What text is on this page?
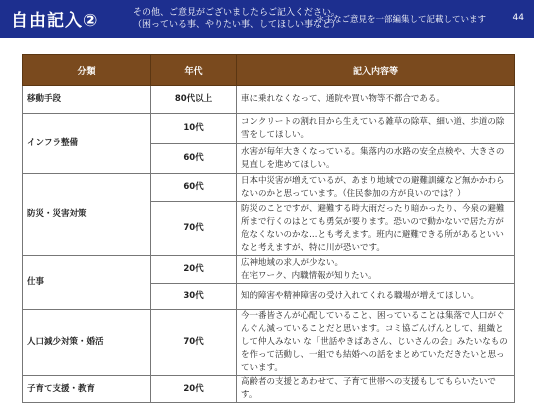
自由記入②	その他、ご意見がございましたらご記入ください。
（困っている事、やりたい事、してほしい事など）
＊主なご意見を一部編集して記載しています	44
分類	年代	記入内容等
移動手段	80代以上	車に乗れなくなって、通院や買い物等不都合である。
インフラ整備	10代	コンクリートの割れ目から生えている雑草の除草、細い道、歩道の除雪をしてほしい。
	60代	水害が毎年大きくなっている。集落内の水路の安全点検や、大きさの見直しを進めてほしい。
防災・災害対策	60代	日本中災害が増えているが、あまり地域での避難訓練など無かかわらないのかと思っています。（住民参加の方が良いのでは？）
	70代	防災のことですが、避難する時大雨だったり暗かったり、今泉の避難所まで行くのはとても勇気が要ります。恐いので動かないで居た方が危なくないのかな…とも考えます。班内に避難できる所があるといいなと考えますが、特に川が恐いです。
仕事	20代	広神地域の求人が少ない。
在宅ワーク、内職情報が知りたい。
	30代	知的障害や精神障害の受け入れてくれる職場が増えてほしい。
人口減少対策・婚活	70代	今一番皆さんが心配していること、困っていることは集落で人口がぐんぐん減っていることだと思います。コミ協ごんげんとして、組織として仲人みない な「世話やきばあさん、じいさんの会」みたいなものを作って活動し、一組でも結婚への話をまとめていただきたいと思っています。
子育て支援・教育	20代	高齢者の支援とあわせて、子育て世帯への支援もしてもらいたいです。
